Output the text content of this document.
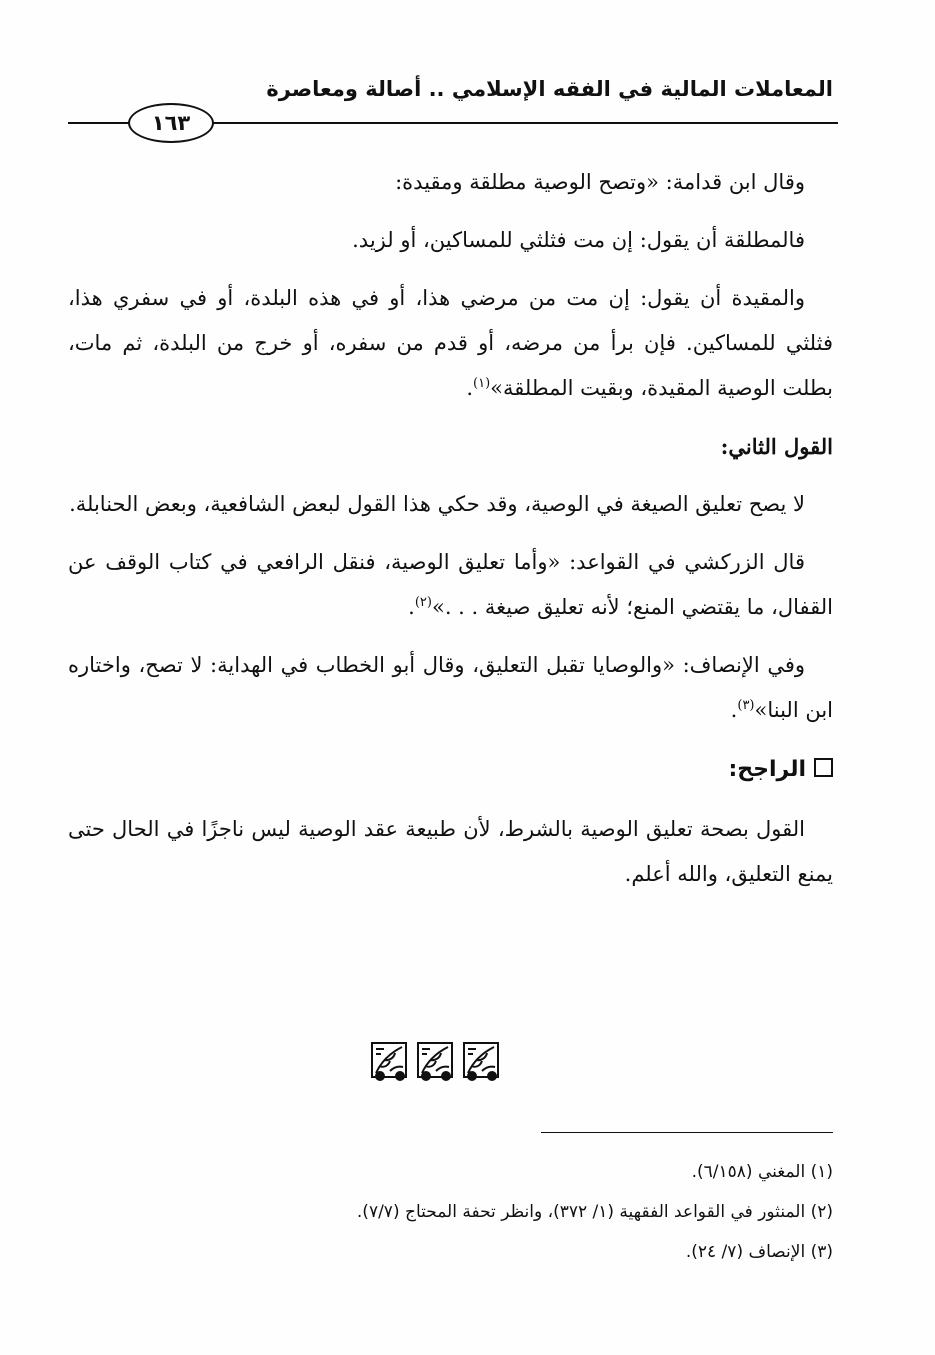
المعاملات المالية في الفقه الإسلامي .. أصالة ومعاصرة
١٦٣

وقال ابن قدامة: «وتصح الوصية مطلقة ومقيدة:

فالمطلقة أن يقول: إن مت فثلثي للمساكين، أو لزيد.

والمقيدة أن يقول: إن مت من مرضي هذا، أو في هذه البلدة، أو في سفري هذا، فثلثي للمساكين. فإن برأ من مرضه، أو قدم من سفره، أو خرج من البلدة، ثم مات، بطلت الوصية المقيدة، وبقيت المطلقة»$^{(١)}$.

القول الثاني:

لا يصح تعليق الصيغة في الوصية، وقد حكي هذا القول لبعض الشافعية، وبعض الحنابلة.

قال الزركشي في القواعد: «وأما تعليق الوصية، فنقل الرافعي في كتاب الوقف عن القفال، ما يقتضي المنع؛ لأنه تعليق صيغة . . .»$^{(٢)}$.

وفي الإنصاف: «والوصايا تقبل التعليق، وقال أبو الخطاب في الهداية: لا تصح، واختاره ابن البنا»$^{(٣)}$.

الراجح:

القول بصحة تعليق الوصية بالشرط، لأن طبيعة عقد الوصية ليس ناجزًا في الحال حتى يمنع التعليق، والله أعلم.

(١) المغني (٦/١٥٨).
(٢) المنثور في القواعد الفقهية (١/ ٣٧٢)، وانظر تحفة المحتاج (٧/٧).
(٣) الإنصاف (٧/ ٢٤).
